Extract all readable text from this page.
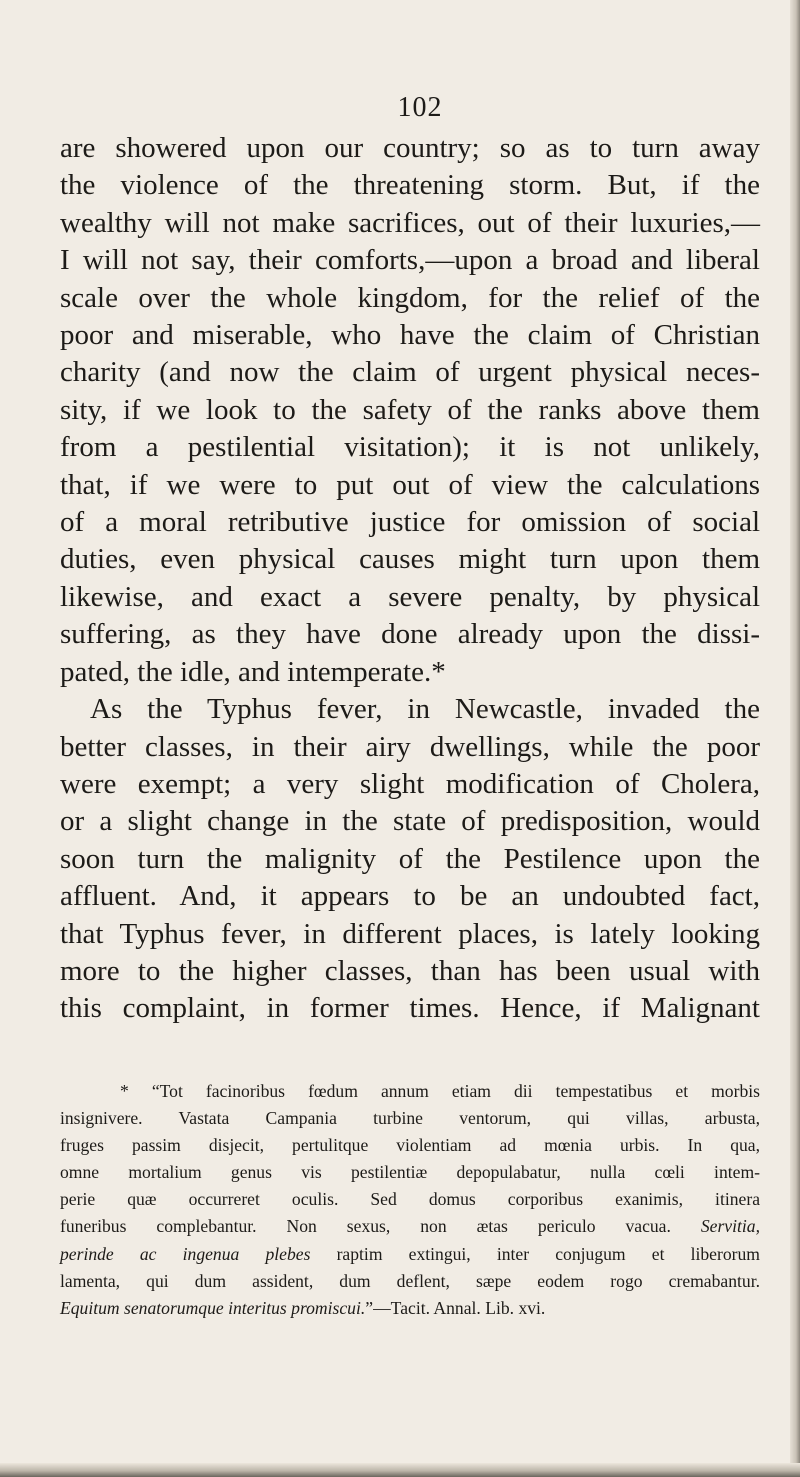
102
are showered upon our country; so as to turn away
the violence of the threatening storm. But, if the
wealthy will not make sacrifices, out of their luxuries,—
I will not say, their comforts,—upon a broad and liberal
scale over the whole kingdom, for the relief of the
poor and miserable, who have the claim of Christian
charity (and now the claim of urgent physical neces-
sity, if we look to the safety of the ranks above them
from a pestilential visitation); it is not unlikely,
that, if we were to put out of view the calculations
of a moral retributive justice for omission of social
duties, even physical causes might turn upon them
likewise, and exact a severe penalty, by physical
suffering, as they have done already upon the dissi-
pated, the idle, and intemperate.*
As the Typhus fever, in Newcastle, invaded the
better classes, in their airy dwellings, while the poor
were exempt; a very slight modification of Cholera,
or a slight change in the state of predisposition, would
soon turn the malignity of the Pestilence upon the
affluent. And, it appears to be an undoubted fact,
that Typhus fever, in different places, is lately looking
more to the higher classes, than has been usual with
this complaint, in former times. Hence, if Malignant
* “Tot facinoribus fœdum annum etiam dii tempestatibus et morbis
insignivere. Vastata Campania turbine ventorum, qui villas, arbusta,
fruges passim disjecit, pertulitque violentiam ad mœnia urbis. In qua,
omne mortalium genus vis pestilentiæ depopulabatur, nulla cœli intem-
perie quæ occurreret oculis. Sed domus corporibus exanimis, itinera
funeribus complebantur. Non sexus, non ætas periculo vacua. Servitia,
perinde ac ingenua plebes raptim extingui, inter conjugum et liberorum
lamenta, qui dum assident, dum deflent, sæpe eodem rogo cremabantur.
Equitum senatorumque interitus promiscui.”—Tacit. Annal. Lib. xvi.
